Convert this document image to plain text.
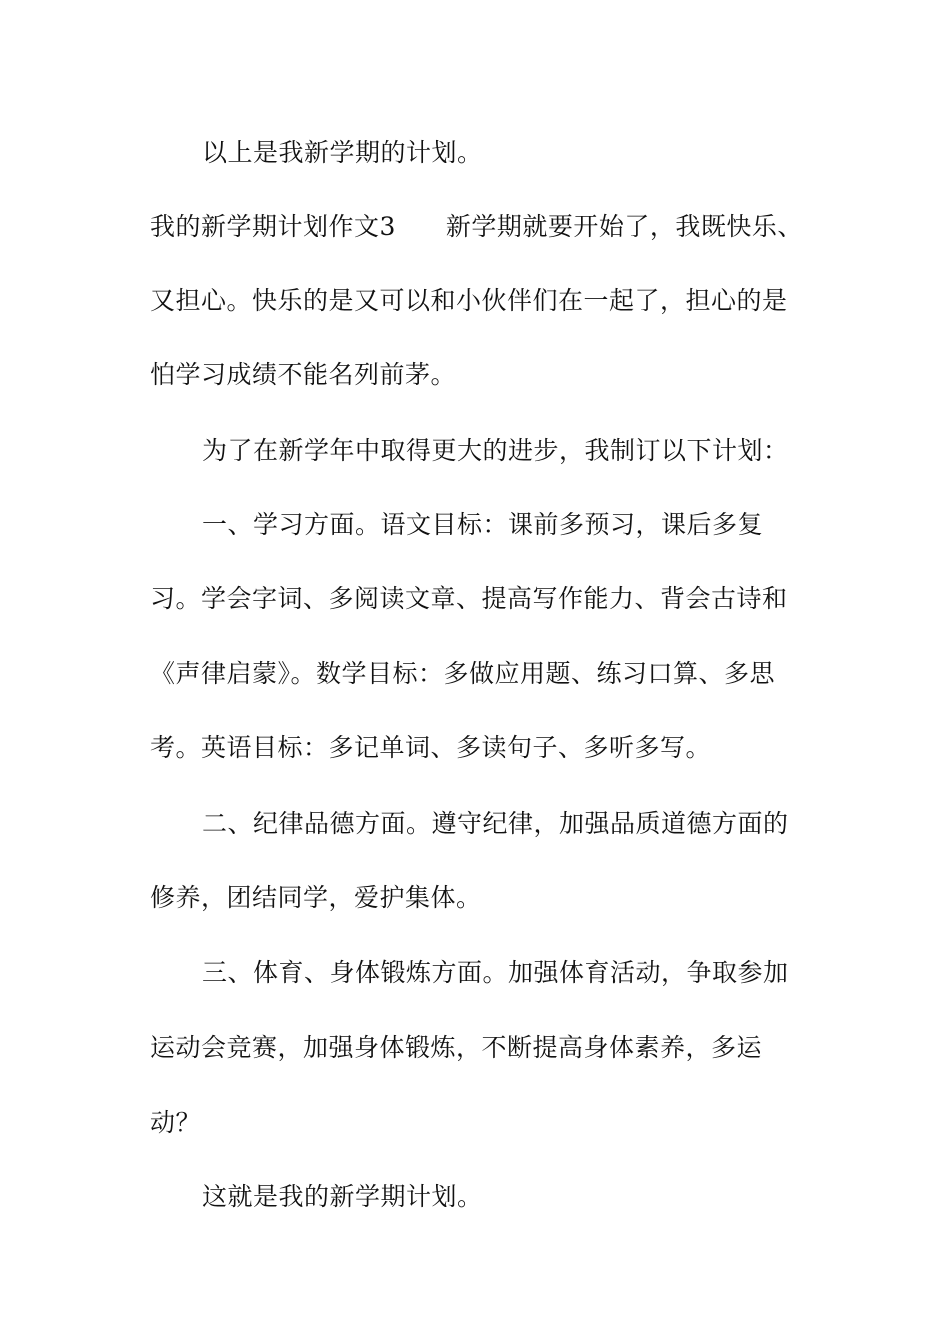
以上是我新学期的计划。
我的新学期计划作文3 新学期就要开始了，我既快乐、
又担心。快乐的是又可以和小伙伴们在一起了，担心的是
怕学习成绩不能名列前茅。
为了在新学年中取得更大的进步，我制订以下计划：
一、学习方面。语文目标：课前多预习，课后多复
习。学会字词、多阅读文章、提高写作能力、背会古诗和
《声律启蒙》。数学目标：多做应用题、练习口算、多思
考。英语目标：多记单词、多读句子、多听多写。
二、纪律品德方面。遵守纪律，加强品质道德方面的
修养，团结同学，爱护集体。
三、体育、身体锻炼方面。加强体育活动，争取参加
运动会竞赛，加强身体锻炼，不断提高身体素养，多运
动？
这就是我的新学期计划。
